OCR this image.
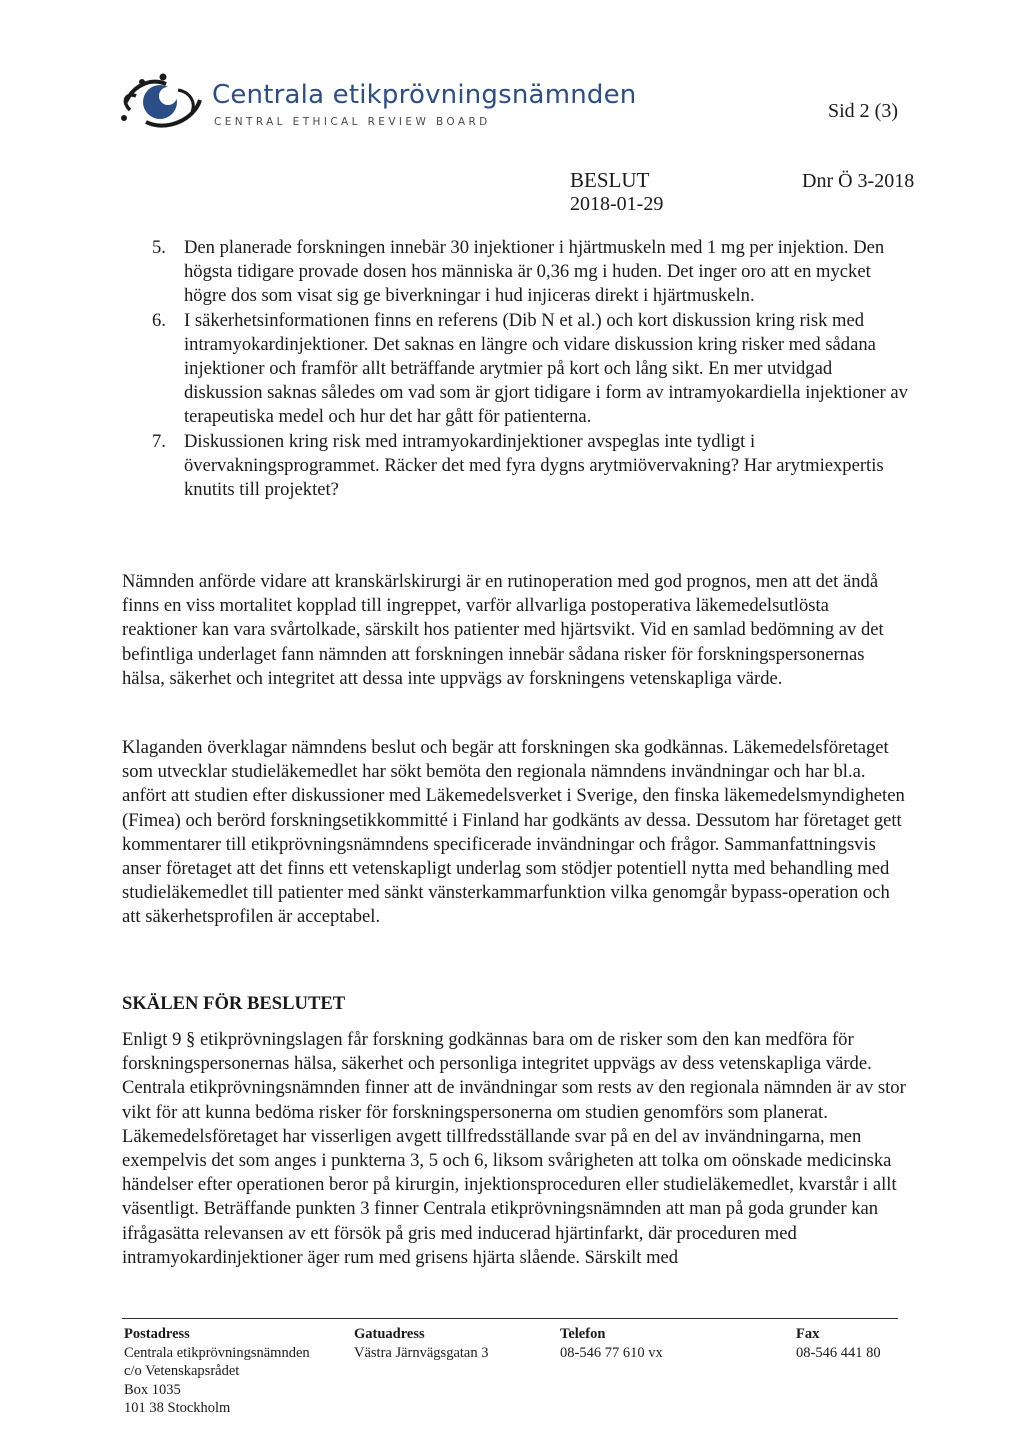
Centrala etikprövningsnämnden
CENTRAL ETHICAL REVIEW BOARD	Sid 2 (3)
BESLUT
2018-01-29
Dnr Ö 3-2018
5. Den planerade forskningen innebär 30 injektioner i hjärtmuskeln med 1 mg per injektion. Den högsta tidigare provade dosen hos människa är 0,36 mg i huden. Det inger oro att en mycket högre dos som visat sig ge biverkningar i hud injiceras direkt i hjärtmuskeln.
6. I säkerhetsinformationen finns en referens (Dib N et al.) och kort diskussion kring risk med intramyokardinjektioner. Det saknas en längre och vidare diskussion kring risker med sådana injektioner och framför allt beträffande arytmier på kort och lång sikt. En mer utvidgad diskussion saknas således om vad som är gjort tidigare i form av intramyokardiella injektioner av terapeutiska medel och hur det har gått för patienterna.
7. Diskussionen kring risk med intramyokardinjektioner avspeglas inte tydligt i övervakningsprogrammet. Räcker det med fyra dygns arytmiövervakning? Har arytmiexpertis knutits till projektet?

Nämnden anförde vidare att kranskärlskirurgi är en rutinoperation med god prognos, men att det ändå finns en viss mortalitet kopplad till ingreppet, varför allvarliga postoperativa läkemedelsutlösta reaktioner kan vara svårtolkade, särskilt hos patienter med hjärtsvikt. Vid en samlad bedömning av det befintliga underlaget fann nämnden att forskningen innebär sådana risker för forskningspersonernas hälsa, säkerhet och integritet att dessa inte uppvägs av forskningens vetenskapliga värde.

Klaganden överklagar nämndens beslut och begär att forskningen ska godkännas. Läkemedelsföretaget som utvecklar studieläkemedlet har sökt bemöta den regionala nämndens invändningar och har bl.a. anfört att studien efter diskussioner med Läkemedelsverket i Sverige, den finska läkemedelsmyndigheten (Fimea) och berörd forskningsetikkommitté i Finland har godkänts av dessa. Dessutom har företaget gett kommentarer till etikprövningsnämndens specificerade invändningar och frågor. Sammanfattningsvis anser företaget att det finns ett vetenskapligt underlag som stödjer potentiell nytta med behandling med studieläkemedlet till patienter med sänkt vänsterkammarfunktion vilka genomgår bypass-operation och att säkerhetsprofilen är acceptabel.

SKÄLEN FÖR BESLUTET

Enligt 9 § etikprövningslagen får forskning godkännas bara om de risker som den kan medföra för forskningspersonernas hälsa, säkerhet och personliga integritet uppvägs av dess vetenskapliga värde. Centrala etikprövningsnämnden finner att de invändningar som rests av den regionala nämnden är av stor vikt för att kunna bedöma risker för forskningspersonerna om studien genomförs som planerat. Läkemedelsföretaget har visserligen avgett tillfredsställande svar på en del av invändningarna, men exempelvis det som anges i punkterna 3, 5 och 6, liksom svårigheten att tolka om oönskade medicinska händelser efter operationen beror på kirurgin, injektionsproceduren eller studieläkemedlet, kvarstår i allt väsentligt. Beträffande punkten 3 finner Centrala etikprövningsnämnden att man på goda grunder kan ifrågasätta relevansen av ett försök på gris med inducerad hjärtinfarkt, där proceduren med intramyokardinjektioner äger rum med grisens hjärta slående. Särskilt med

Postadress
Centrala etikprövningsnämnden
c/o Vetenskapsrådet
Box 1035
101 38 Stockholm
Gatuadress
Västra Järnvägsgatan 3
Telefon
08-546 77 610 vx
Fax
08-546 441 80
